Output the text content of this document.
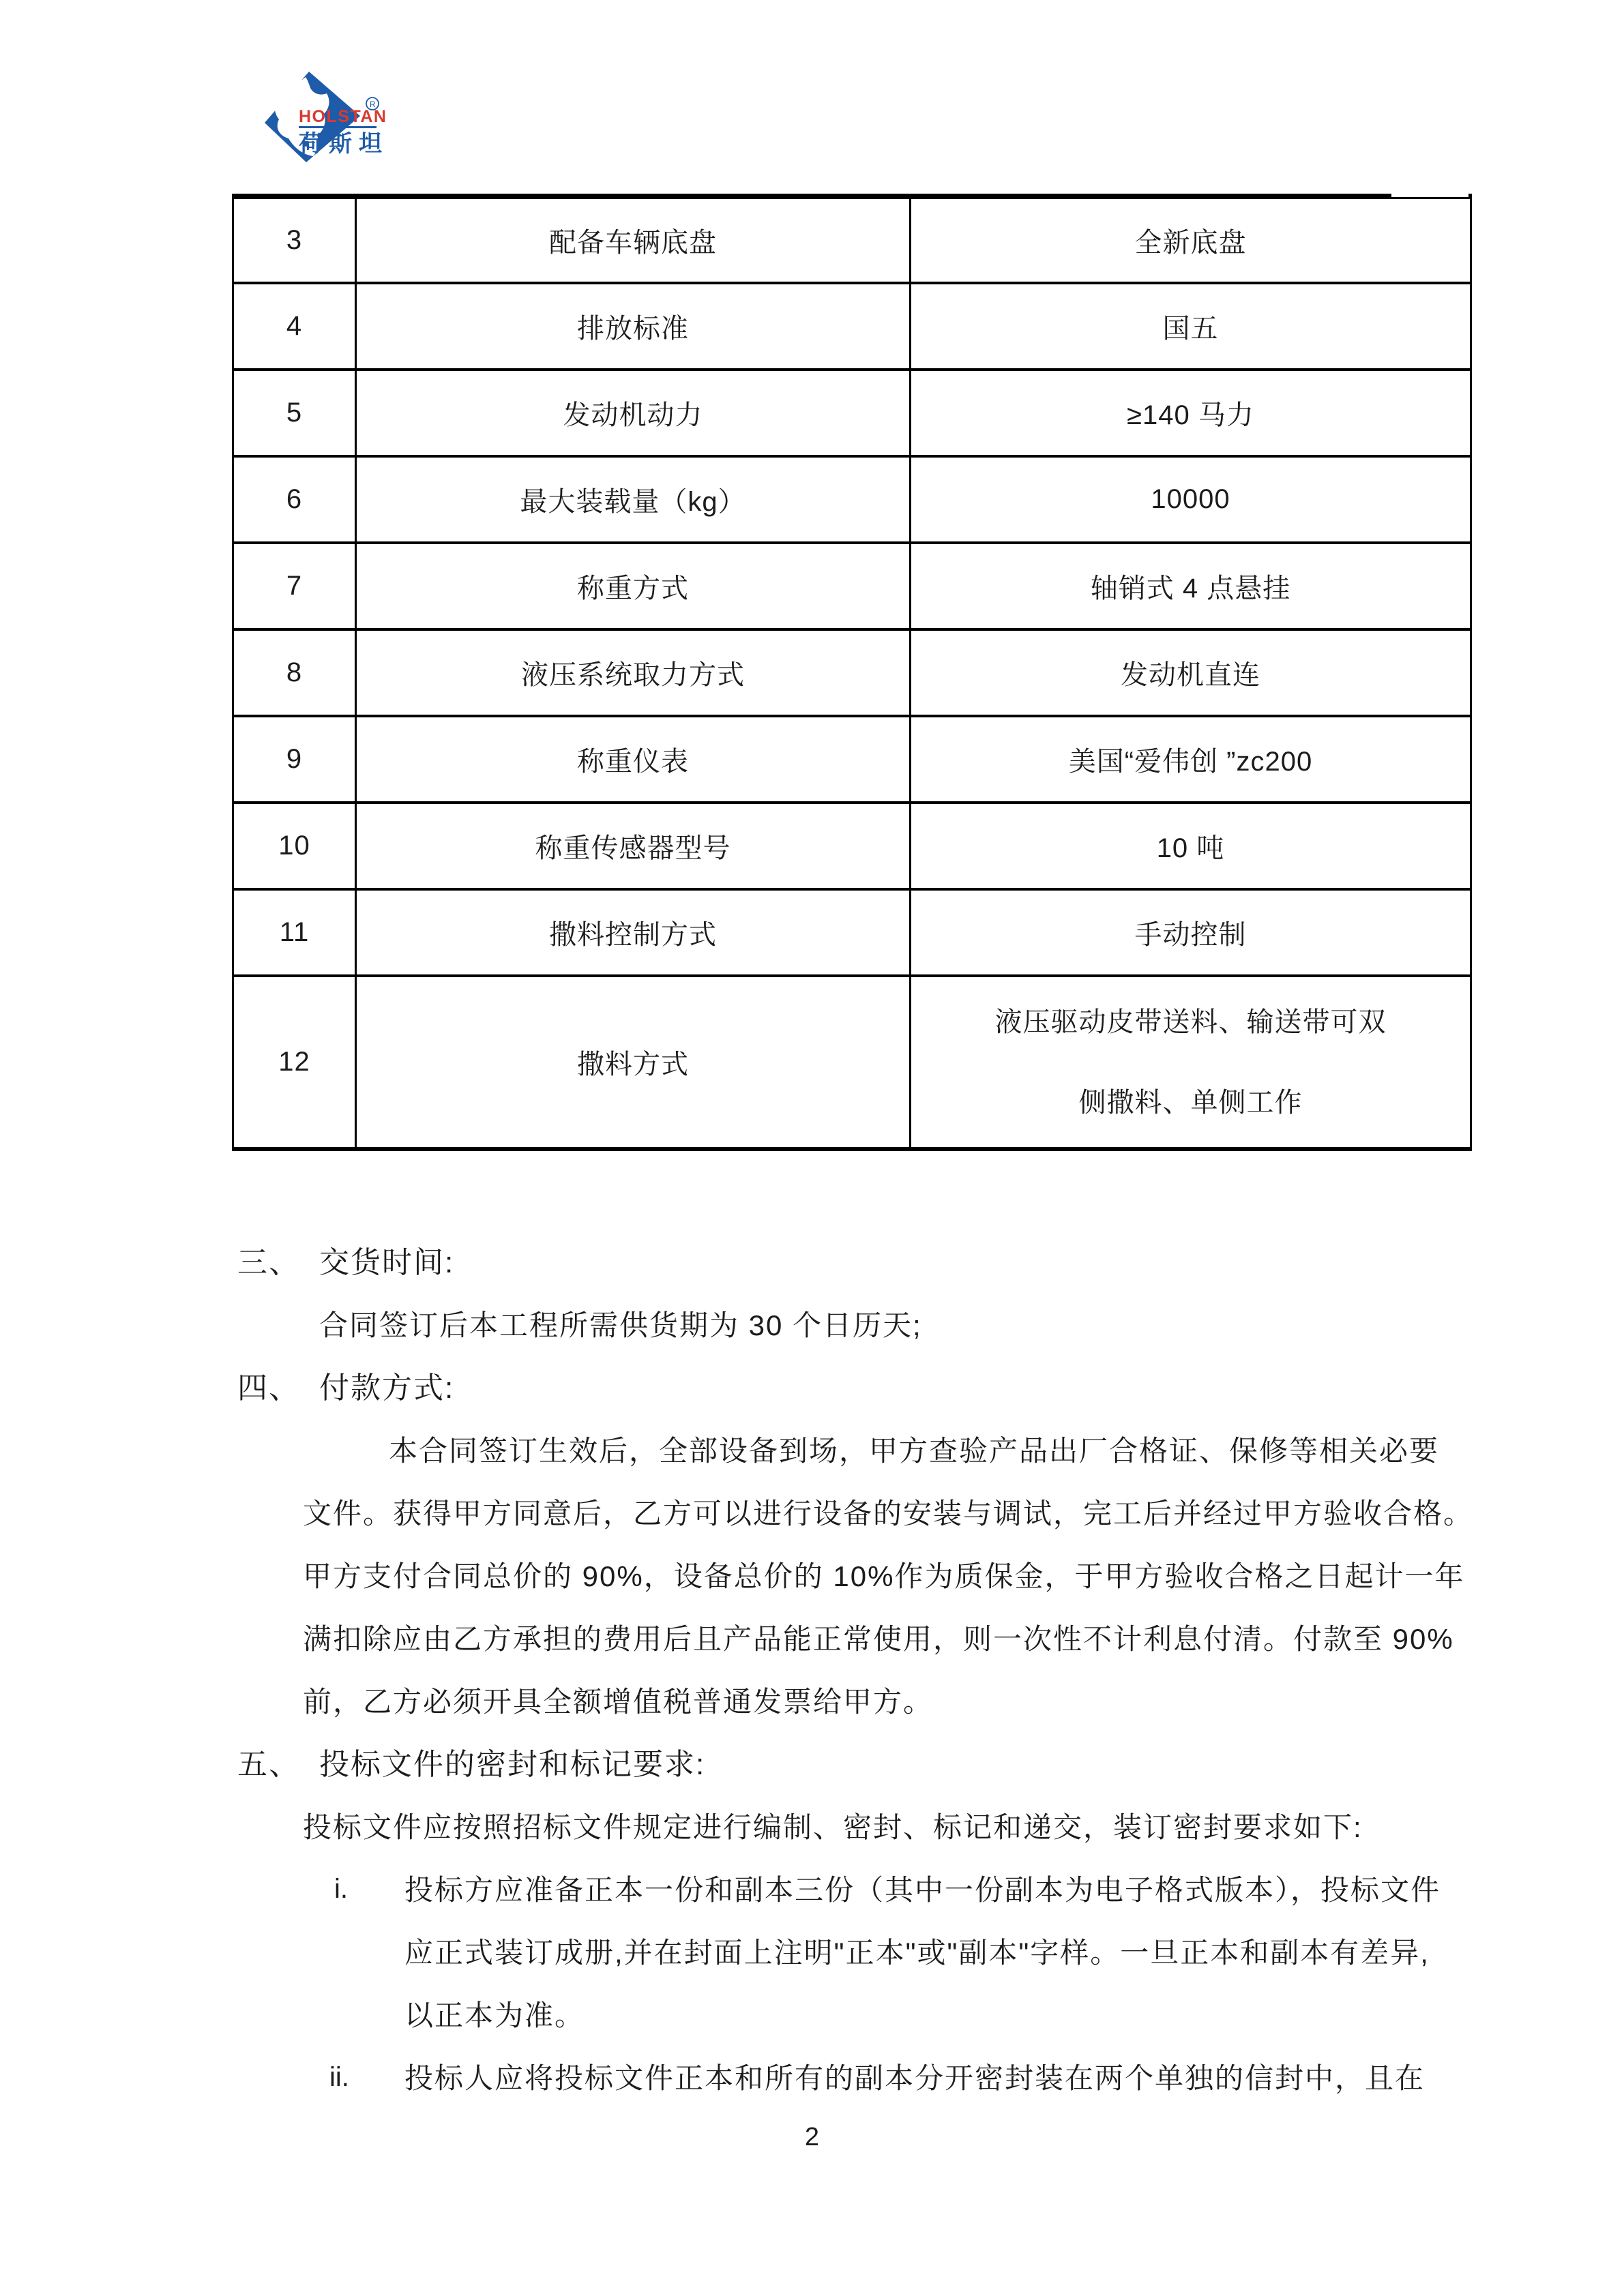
HOLSTAN
R
荷斯坦
3	配备车辆底盘	全新底盘
4	排放标准	国五
5	发动机动力	≥140 马力
6	最大装载量（kg）	10000
7	称重方式	轴销式 4 点悬挂
8	液压系统取力方式	发动机直连
9	称重仪表	美国“爱伟创 ”zc200
10	称重传感器型号	10 吨
11	撒料控制方式	手动控制
12	撒料方式	液压驱动皮带送料、输送带可双
侧撒料、单侧工作
三、 交货时间:
合同签订后本工程所需供货期为 30 个日历天;
四、 付款方式:
本合同签订生效后，全部设备到场，甲方查验产品出厂合格证、保修等相关必要
文件。获得甲方同意后，乙方可以进行设备的安装与调试，完工后并经过甲方验收合格。
甲方支付合同总价的 90%，设备总价的 10%作为质保金，于甲方验收合格之日起计一年
满扣除应由乙方承担的费用后且产品能正常使用，则一次性不计利息付清。付款至 90%
前，乙方必须开具全额增值税普通发票给甲方。
五、 投标文件的密封和标记要求:
投标文件应按照招标文件规定进行编制、密封、标记和递交，装订密封要求如下:
i. 投标方应准备正本一份和副本三份（其中一份副本为电子格式版本），投标文件
应正式装订成册,并在封面上注明"正本"或"副本"字样。一旦正本和副本有差异,
以正本为准。
ii. 投标人应将投标文件正本和所有的副本分开密封装在两个单独的信封中，且在
2
